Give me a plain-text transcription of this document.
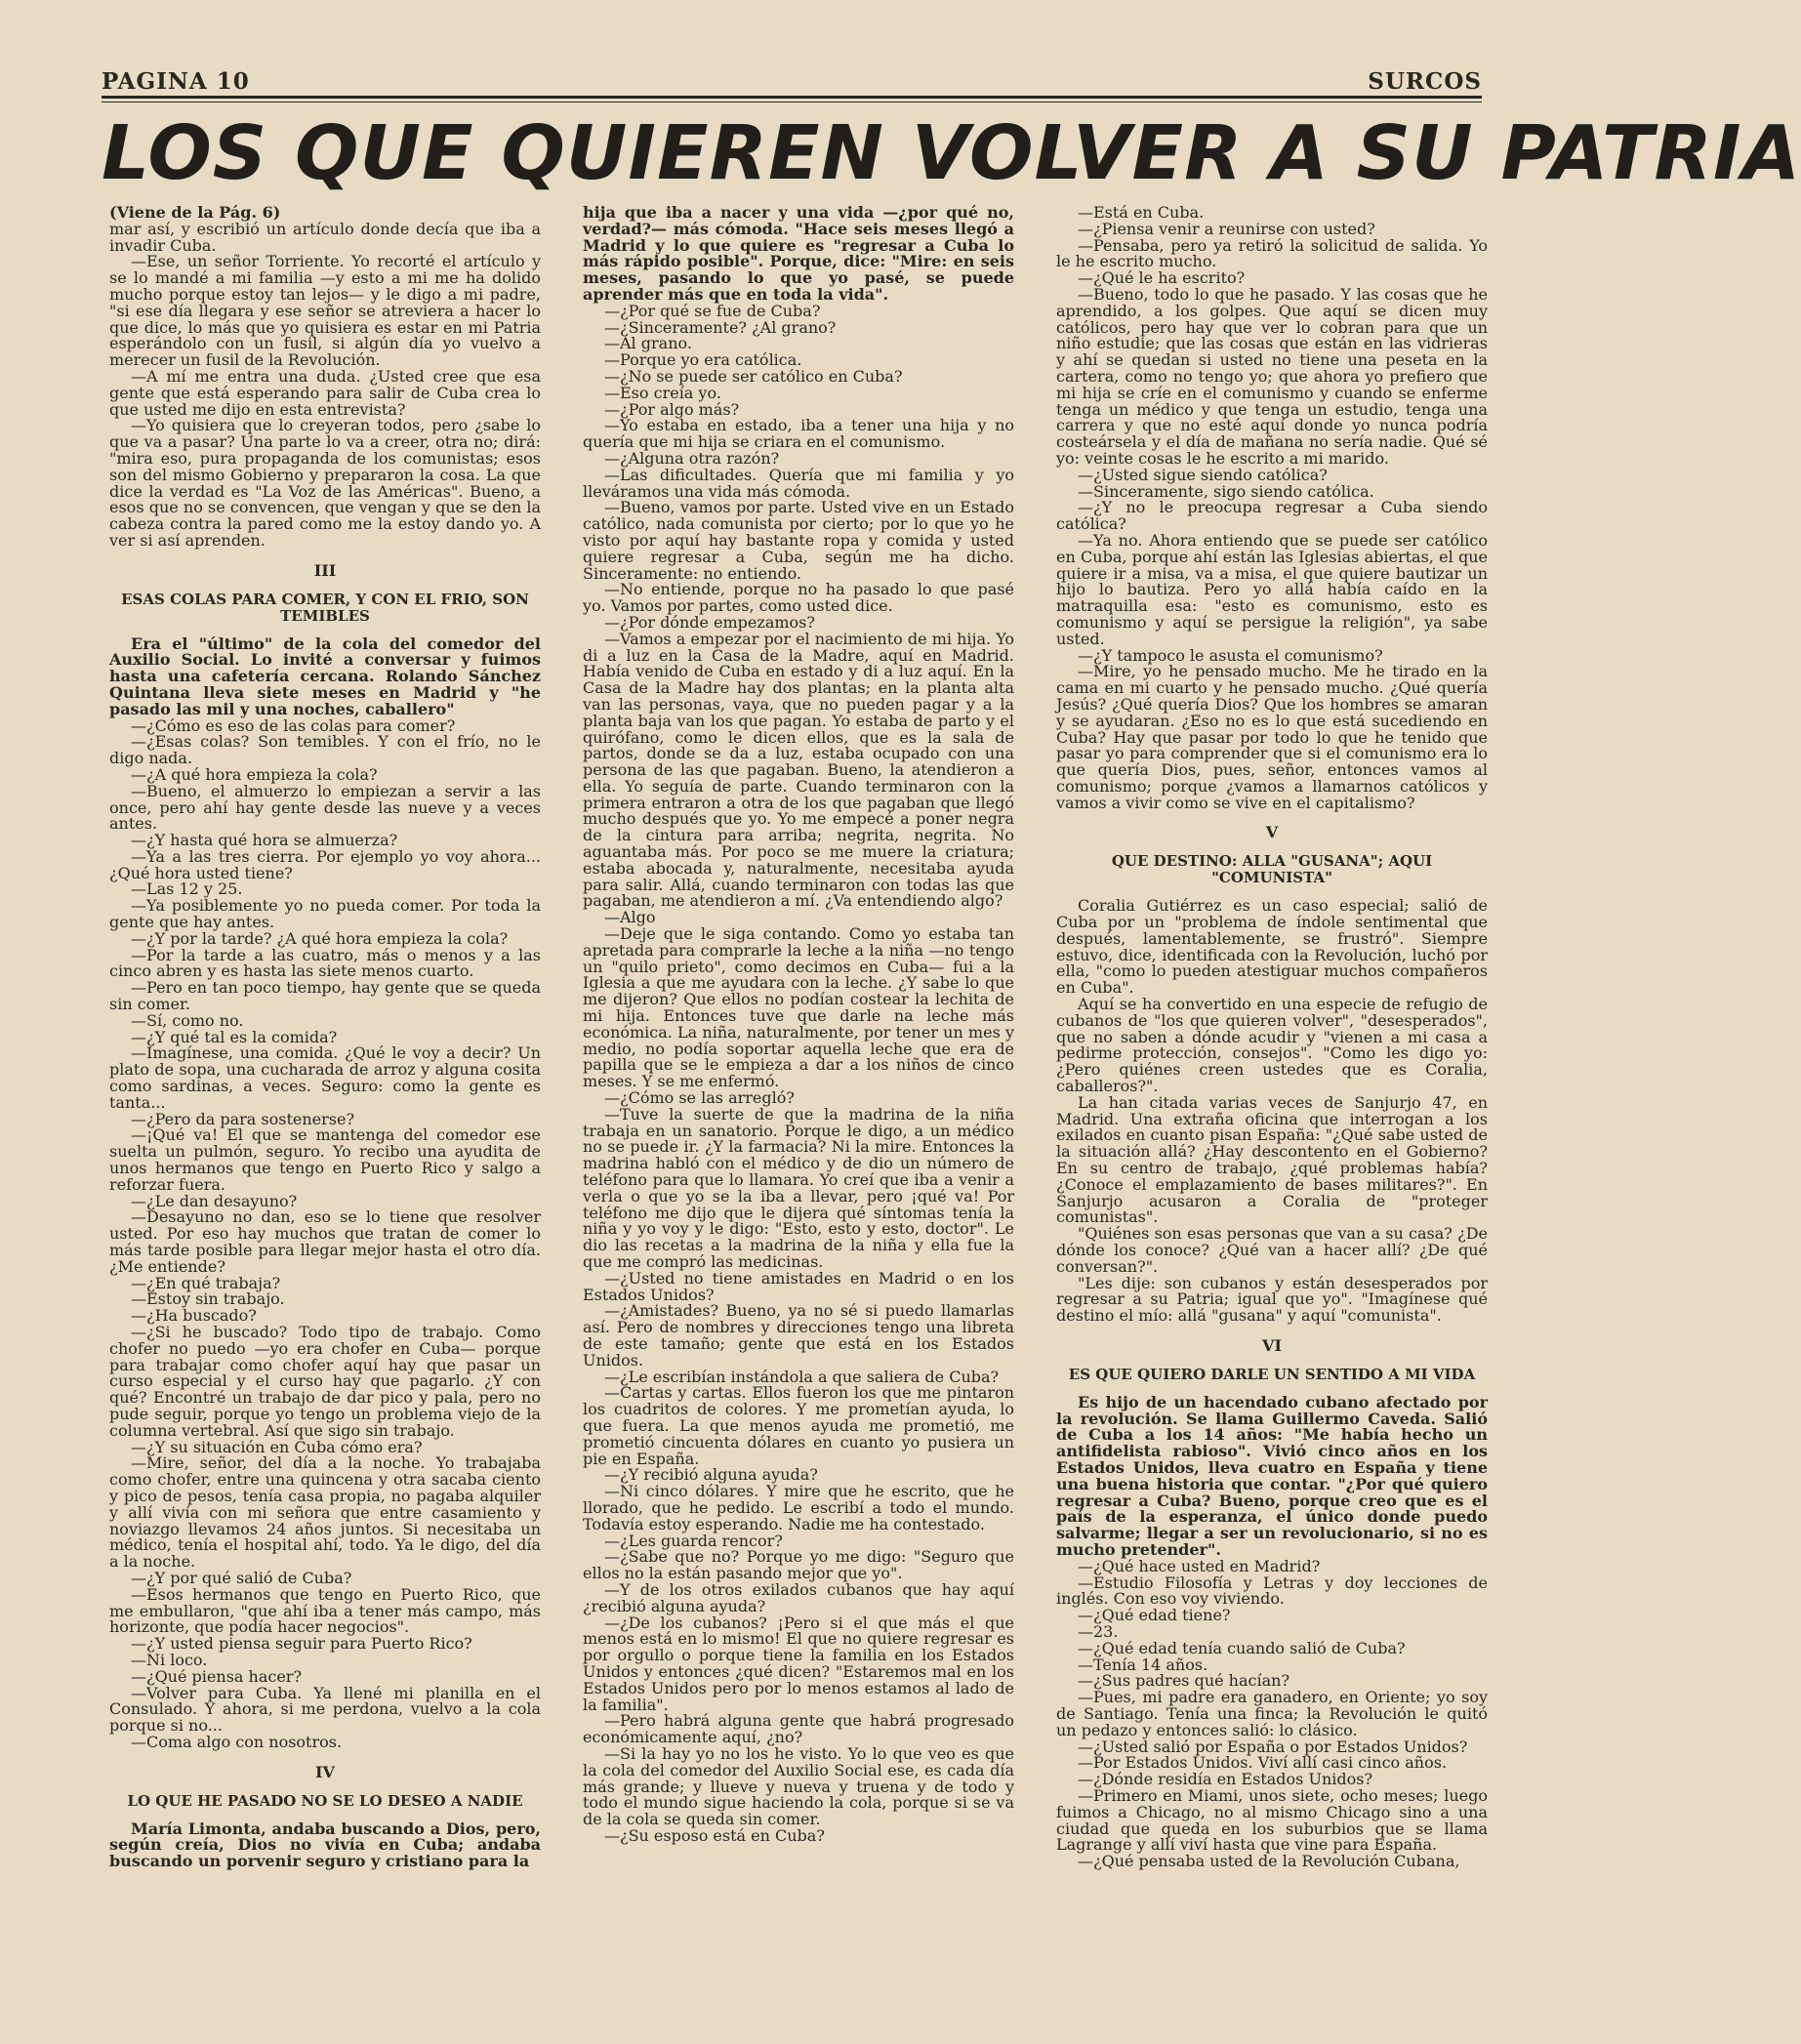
PAGINA 10	SURCOS
LOS QUE QUIEREN VOLVER A SU PATRIA

(Viene de la Pág. 6)

mar así, y escribió un artículo donde decía que iba a invadir Cuba.

—Ese, un señor Torriente. Yo recorté el artículo y se lo mandé a mi familia —y esto a mi me ha dolido mucho porque estoy tan lejos— y le digo a mi padre, "si ese día llegara y ese señor se atreviera a hacer lo que dice, lo más que yo quisiera es estar en mi Patria esperándolo con un fusil, si algún día yo vuelvo a merecer un fusil de la Revolución.

—A mí me entra una duda. ¿Usted cree que esa gente que está esperando para salir de Cuba crea lo que usted me dijo en esta entrevista?

—Yo quisiera que lo creyeran todos, pero ¿sabe lo que va a pasar? Una parte lo va a creer, otra no; dirá: "mira eso, pura propaganda de los comunistas; esos son del mismo Gobierno y prepararon la cosa. La que dice la verdad es "La Voz de las Américas". Bueno, a esos que no se convencen, que vengan y que se den la cabeza contra la pared como me la estoy dando yo. A ver si así aprenden.

III
ESAS COLAS PARA COMER, Y CON EL FRIO, SON TEMIBLES

Era el "último" de la cola del comedor del Auxilio Social. Lo invité a conversar y fuimos hasta una cafetería cercana. Rolando Sánchez Quintana lleva siete meses en Madrid y "he pasado las mil y una noches, caballero"

—¿Cómo es eso de las colas para comer?

—¿Esas colas? Son temibles. Y con el frío, no le digo nada.

—¿A qué hora empieza la cola?

—Bueno, el almuerzo lo empiezan a servir a las once, pero ahí hay gente desde las nueve y a veces antes.

—¿Y hasta qué hora se almuerza?

—Ya a las tres cierra. Por ejemplo yo voy ahora... ¿Qué hora usted tiene?

—Las 12 y 25.

—Ya posiblemente yo no pueda comer. Por toda la gente que hay antes.

—¿Y por la tarde? ¿A qué hora empieza la cola?

—Por la tarde a las cuatro, más o menos y a las cinco abren y es hasta las siete menos cuarto.

—Pero en tan poco tiempo, hay gente que se queda sin comer.

—Sí, como no.

—¿Y qué tal es la comida?

—Imagínese, una comida. ¿Qué le voy a decir? Un plato de sopa, una cucharada de arroz y alguna cosita como sardinas, a veces. Seguro: como la gente es tanta...

—¿Pero da para sostenerse?

—¡Qué va! El que se mantenga del comedor ese suelta un pulmón, seguro. Yo recibo una ayudita de unos hermanos que tengo en Puerto Rico y salgo a reforzar fuera.

—¿Le dan desayuno?

—Desayuno no dan, eso se lo tiene que resolver usted. Por eso hay muchos que tratan de comer lo más tarde posible para llegar mejor hasta el otro día. ¿Me entiende?

—¿En qué trabaja?

—Estoy sin trabajo.

—¿Ha buscado?

—¿Si he buscado? Todo tipo de trabajo. Como chofer no puedo —yo era chofer en Cuba— porque para trabajar como chofer aquí hay que pasar un curso especial y el curso hay que pagarlo. ¿Y con qué? Encontré un trabajo de dar pico y pala, pero no pude seguir, porque yo tengo un problema viejo de la columna vertebral. Así que sigo sin trabajo.

—¿Y su situación en Cuba cómo era?

—Mire, señor, del día a la noche. Yo trabajaba como chofer, entre una quincena y otra sacaba ciento y pico de pesos, tenía casa propia, no pagaba alquiler y allí vivía con mi señora que entre casamiento y noviazgo llevamos 24 años juntos. Si necesitaba un médico, tenía el hospital ahí, todo. Ya le digo, del día a la noche.

—¿Y por qué salió de Cuba?

—Esos hermanos que tengo en Puerto Rico, que me embullaron, "que ahí iba a tener más campo, más horizonte, que podía hacer negocios".

—¿Y usted piensa seguir para Puerto Rico?

—Ni loco.

—¿Qué piensa hacer?

—Volver para Cuba. Ya llené mi planilla en el Consulado. Y ahora, si me perdona, vuelvo a la cola porque si no...

—Coma algo con nosotros.

IV
LO QUE HE PASADO NO SE LO DESEO A NADIE

María Limonta, andaba buscando a Dios, pero, según creía, Dios no vivía en Cuba; andaba buscando un porvenir seguro y cristiano para la

hija que iba a nacer y una vida —¿por qué no, verdad?— más cómoda. "Hace seis meses llegó a Madrid y lo que quiere es "regresar a Cuba lo más rápido posible". Porque, dice: "Mire: en seis meses, pasando lo que yo pasé, se puede aprender más que en toda la vida".

—¿Por qué se fue de Cuba?

—¿Sinceramente? ¿Al grano?

—Al grano.

—Porque yo era católica.

—¿No se puede ser católico en Cuba?

—Eso creía yo.

—¿Por algo más?

—Yo estaba en estado, iba a tener una hija y no quería que mi hija se criara en el comunismo.

—¿Alguna otra razón?

—Las dificultades. Quería que mi familia y yo lleváramos una vida más cómoda.

—Bueno, vamos por parte. Usted vive en un Estado católico, nada comunista por cierto; por lo que yo he visto por aquí hay bastante ropa y comida y usted quiere regresar a Cuba, según me ha dicho. Sinceramente: no entiendo.

—No entiende, porque no ha pasado lo que pasé yo. Vamos por partes, como usted dice.

—¿Por dónde empezamos?

—Vamos a empezar por el nacimiento de mi hija. Yo di a luz en la Casa de la Madre, aquí en Madrid. Había venido de Cuba en estado y di a luz aquí. En la Casa de la Madre hay dos plantas; en la planta alta van las personas, vaya, que no pueden pagar y a la planta baja van los que pagan. Yo estaba de parto y el quirófano, como le dicen ellos, que es la sala de partos, donde se da a luz, estaba ocupado con una persona de las que pagaban. Bueno, la atendieron a ella. Yo seguía de parte. Cuando terminaron con la primera entraron a otra de los que pagaban que llegó mucho después que yo. Yo me empecé a poner negra de la cintura para arriba; negrita, negrita. No aguantaba más. Por poco se me muere la criatura; estaba abocada y, naturalmente, necesitaba ayuda para salir. Allá, cuando terminaron con todas las que pagaban, me atendieron a mí. ¿Va entendiendo algo?

—Algo

—Deje que le siga contando. Como yo estaba tan apretada para comprarle la leche a la niña —no tengo un "quilo prieto", como decimos en Cuba— fui a la Iglesia a que me ayudara con la leche. ¿Y sabe lo que me dijeron? Que ellos no podían costear la lechita de mi hija. Entonces tuve que darle na leche más económica. La niña, naturalmente, por tener un mes y medio, no podía soportar aquella leche que era de papilla que se le empieza a dar a los niños de cinco meses. Y se me enfermó.

—¿Cómo se las arregló?

—Tuve la suerte de que la madrina de la niña trabaja en un sanatorio. Porque le digo, a un médico no se puede ir. ¿Y la farmacia? Ni la mire. Entonces la madrina habló con el médico y de dio un número de teléfono para que lo llamara. Yo creí que iba a venir a verla o que yo se la iba a llevar, pero ¡qué va! Por teléfono me dijo que le dijera qué síntomas tenía la niña y yo voy y le digo: "Esto, esto y esto, doctor". Le dio las recetas a la madrina de la niña y ella fue la que me compró las medicinas.

—¿Usted no tiene amistades en Madrid o en los Estados Unidos?

—¿Amistades? Bueno, ya no sé si puedo llamarlas así. Pero de nombres y direcciones tengo una libreta de este tamaño; gente que está en los Estados Unidos.

—¿Le escribían instándola a que saliera de Cuba?

—Cartas y cartas. Ellos fueron los que me pintaron los cuadritos de colores. Y me prometían ayuda, lo que fuera. La que menos ayuda me prometió, me prometió cincuenta dólares en cuanto yo pusiera un pie en España.

—¿Y recibió alguna ayuda?

—Ni cinco dólares. Y mire que he escrito, que he llorado, que he pedido. Le escribí a todo el mundo. Todavía estoy esperando. Nadie me ha contestado.

—¿Les guarda rencor?

—¿Sabe que no? Porque yo me digo: "Seguro que ellos no la están pasando mejor que yo".

—Y de los otros exilados cubanos que hay aquí ¿recibió alguna ayuda?

—¿De los cubanos? ¡Pero si el que más el que menos está en lo mismo! El que no quiere regresar es por orgullo o porque tiene la familia en los Estados Unidos y entonces ¿qué dicen? "Estaremos mal en los Estados Unidos pero por lo menos estamos al lado de la familia".

—Pero habrá alguna gente que habrá progresado económicamente aquí, ¿no?

—Si la hay yo no los he visto. Yo lo que veo es que la cola del comedor del Auxilio Social ese, es cada día más grande; y llueve y nueva y truena y de todo y todo el mundo sigue haciendo la cola, porque si se va de la cola se queda sin comer.

—¿Su esposo está en Cuba?

—Está en Cuba.

—¿Piensa venir a reunirse con usted?

—Pensaba, pero ya retiró la solicitud de salida. Yo le he escrito mucho.

—¿Qué le ha escrito?

—Bueno, todo lo que he pasado. Y las cosas que he aprendido, a los golpes. Que aquí se dicen muy católicos, pero hay que ver lo cobran para que un niño estudie; que las cosas que están en las vidrieras y ahí se quedan si usted no tiene una peseta en la cartera, como no tengo yo; que ahora yo prefiero que mi hija se críe en el comunismo y cuando se enferme tenga un médico y que tenga un estudio, tenga una carrera y que no esté aquí donde yo nunca podría costeársela y el día de mañana no sería nadie. Qué sé yo: veinte cosas le he escrito a mi marido.

—¿Usted sigue siendo católica?

—Sinceramente, sigo siendo católica.

—¿Y no le preocupa regresar a Cuba siendo católica?

—Ya no. Ahora entiendo que se puede ser católico en Cuba, porque ahí están las Iglesias abiertas, el que quiere ir a misa, va a misa, el que quiere bautizar un hijo lo bautiza. Pero yo allá había caído en la matraquilla esa: "esto es comunismo, esto es comunismo y aquí se persigue la religión", ya sabe usted.

—¿Y tampoco le asusta el comunismo?

—Mire, yo he pensado mucho. Me he tirado en la cama en mi cuarto y he pensado mucho. ¿Qué quería Jesús? ¿Qué quería Dios? Que los hombres se amaran y se ayudaran. ¿Eso no es lo que está sucediendo en Cuba? Hay que pasar por todo lo que he tenido que pasar yo para comprender que si el comunismo era lo que quería Dios, pues, señor, entonces vamos al comunismo; porque ¿vamos a llamarnos católicos y vamos a vivir como se vive en el capitalismo?

V
QUE DESTINO: ALLA "GUSANA"; AQUI "COMUNISTA"

Coralia Gutiérrez es un caso especial; salió de Cuba por un "problema de índole sentimental que después, lamentablemente, se frustró". Siempre estuvo, dice, identificada con la Revolución, luchó por ella, "como lo pueden atestiguar muchos compañeros en Cuba".

Aquí se ha convertido en una especie de refugio de cubanos de "los que quieren volver", "desesperados", que no saben a dónde acudir y "vienen a mi casa a pedirme protección, consejos". "Como les digo yo: ¿Pero quiénes creen ustedes que es Coralia, caballeros?".

La han citada varias veces de Sanjurjo 47, en Madrid. Una extraña oficina que interrogan a los exilados en cuanto pisan España: "¿Qué sabe usted de la situación allá? ¿Hay descontento en el Gobierno? En su centro de trabajo, ¿qué problemas había? ¿Conoce el emplazamiento de bases militares?". En Sanjurjo acusaron a Coralia de "proteger comunistas".

"Quiénes son esas personas que van a su casa? ¿De dónde los conoce? ¿Qué van a hacer allí? ¿De qué conversan?".

"Les dije: son cubanos y están desesperados por regresar a su Patria; igual que yo". "Imagínese qué destino el mío: allá "gusana" y aquí "comunista".

VI
ES QUE QUIERO DARLE UN SENTIDO A MI VIDA

Es hijo de un hacendado cubano afectado por la revolución. Se llama Guillermo Caveda. Salió de Cuba a los 14 años: "Me había hecho un antifidelista rabioso". Vivió cinco años en los Estados Unidos, lleva cuatro en España y tiene una buena historia que contar. "¿Por qué quiero regresar a Cuba? Bueno, porque creo que es el país de la esperanza, el único donde puedo salvarme; llegar a ser un revolucionario, si no es mucho pretender".

—¿Qué hace usted en Madrid?

—Estudio Filosofía y Letras y doy lecciones de inglés. Con eso voy viviendo.

—¿Qué edad tiene?

—23.

—¿Qué edad tenía cuando salió de Cuba?

—Tenía 14 años.

—¿Sus padres qué hacían?

—Pues, mi padre era ganadero, en Oriente; yo soy de Santiago. Tenía una finca; la Revolución le quitó un pedazo y entonces salió: lo clásico.

—¿Usted salió por España o por Estados Unidos?

—Por Estados Unidos. Viví allí casi cinco años.

—¿Dónde residía en Estados Unidos?

—Primero en Miami, unos siete, ocho meses; luego fuimos a Chicago, no al mismo Chicago sino a una ciudad que queda en los suburbios que se llama Lagrange y allí viví hasta que vine para España.

—¿Qué pensaba usted de la Revolución Cubana,
